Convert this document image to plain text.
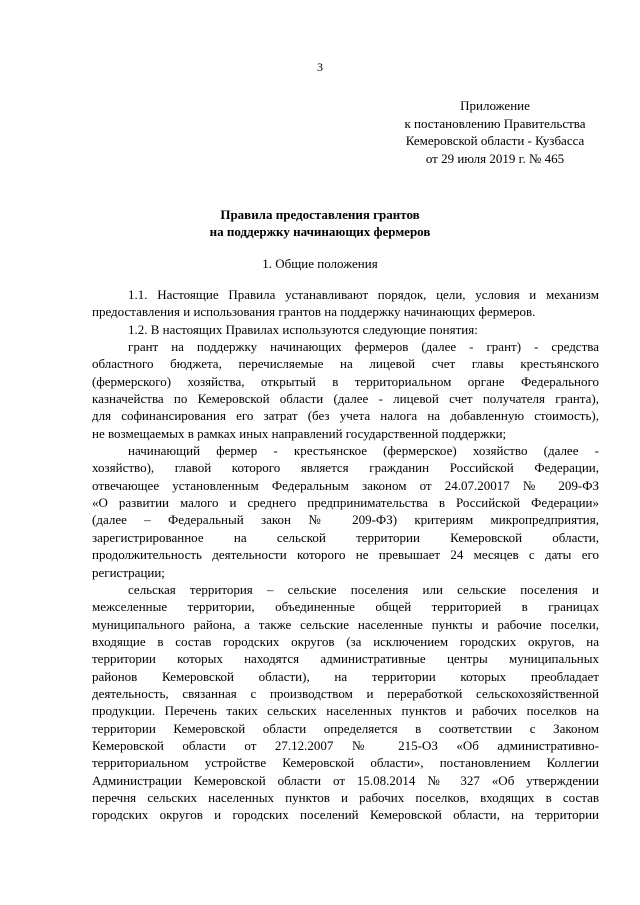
3
Приложение
к постановлению Правительства
Кемеровской области - Кузбасса
от 29 июля 2019 г. № 465
Правила предоставления грантов
на поддержку начинающих фермеров
1. Общие положения
1.1. Настоящие Правила устанавливают порядок, цели, условия и механизм
предоставления и использования грантов на поддержку начинающих фермеров.
1.2. В настоящих Правилах используются следующие понятия:
грант на поддержку начинающих фермеров (далее - грант) - средства
областного бюджета, перечисляемые на лицевой счет главы крестьянского
(фермерского) хозяйства, открытый в территориальном органе Федерального
казначейства по Кемеровской области (далее - лицевой счет получателя гранта),
для софинансирования его затрат (без учета налога на добавленную стоимость),
не возмещаемых в рамках иных направлений государственной поддержки;
начинающий фермер - крестьянское (фермерское) хозяйство (далее -
хозяйство), главой которого является гражданин Российской Федерации,
отвечающее установленным Федеральным законом от 24.07.20017 № 209-ФЗ
«О развитии малого и среднего предпринимательства в Российской Федерации»
(далее – Федеральный закон № 209-ФЗ) критериям микропредприятия,
зарегистрированное на сельской территории Кемеровской области,
продолжительность деятельности которого не превышает 24 месяцев с даты его
регистрации;
сельская территория – сельские поселения или сельские поселения и
межселенные территории, объединенные общей территорией в границах
муниципального района, а также сельские населенные пункты и рабочие поселки,
входящие в состав городских округов (за исключением городских округов, на
территории которых находятся административные центры муниципальных
районов Кемеровской области), на территории которых преобладает
деятельность, связанная с производством и переработкой сельскохозяйственной
продукции. Перечень таких сельских населенных пунктов и рабочих поселков на
территории Кемеровской области определяется в соответствии с Законом
Кемеровской области от 27.12.2007 № 215-ОЗ «Об административно-
территориальном устройстве Кемеровской области», постановлением Коллегии
Администрации Кемеровской области от 15.08.2014 № 327 «Об утверждении
перечня сельских населенных пунктов и рабочих поселков, входящих в состав
городских округов и городских поселений Кемеровской области, на территории
